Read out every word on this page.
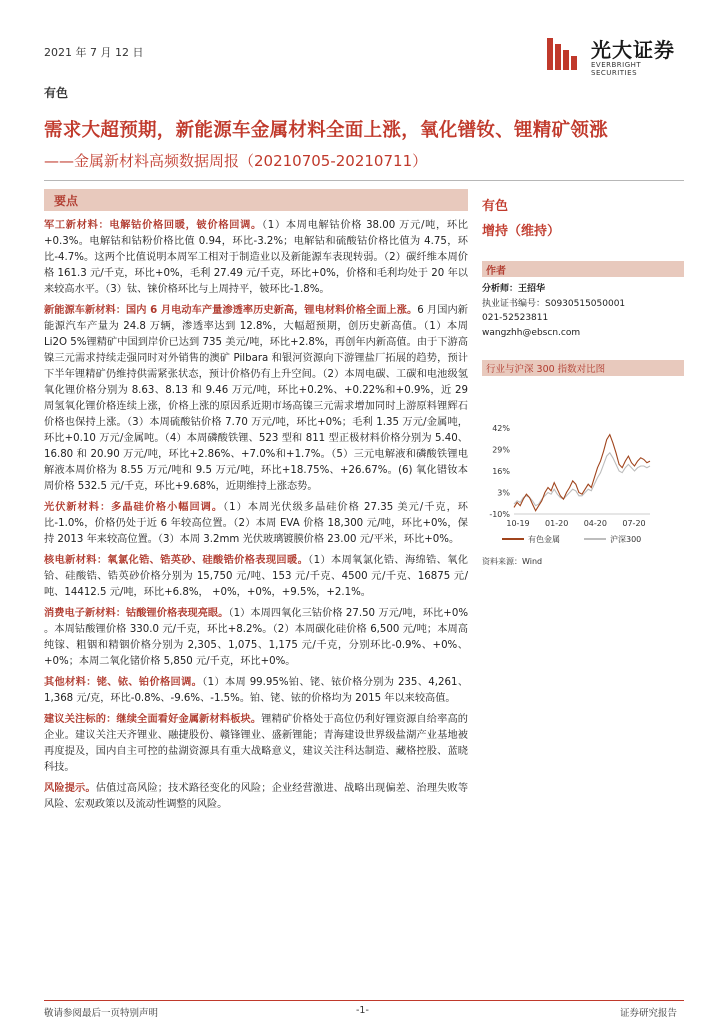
2021 年 7 月 12 日	光大证券
EVERBRIGHT SECURITIES
有色
需求大超预期，新能源车金属材料全面上涨，氧化镨钕、锂精矿领涨
——金属新材料高频数据周报（20210705-20210711）
要点

军工新材料：电解钴价格回暖，铍价格回调。（1）本周电解钴价格 38.00 万元/吨，环比+0.3%。电解钴和钴粉价格比值 0.94，环比-3.2%；电解钴和硫酸钴价格比值为 4.75，环比-4.7%。这两个比值说明本周军工相对于制造业以及新能源车表现转弱。（2）碳纤维本周价格 161.3 元/千克，环比+0%，毛利 27.49 元/千克，环比+0%，价格和毛利均处于 20 年以来较高水平。（3）钛、铼价格环比与上周持平，铍环比-1.8%。

新能源车新材料：国内 6 月电动车产量渗透率历史新高，锂电材料价格全面上涨。6 月国内新能源汽车产量为 24.8 万辆，渗透率达到 12.8%，大幅超预期，创历史新高值。（1）本周 Li2O 5%锂精矿中国到岸价已达到 735 美元/吨，环比+2.8%，再创年内新高值。由于下游高镍三元需求持续走强同时对外销售的澳矿 Pilbara 和银河资源向下游锂盐厂拓展的趋势，预计下半年锂精矿仍维持供需紧张状态，预计价格仍有上升空间。（2）本周电碳、工碳和电池级氢氧化锂价格分别为 8.63、8.13 和 9.46 万元/吨，环比+0.2%、+0.22%和+0.9%，近 29 周氢氧化锂价格连续上涨，价格上涨的原因系近期市场高镍三元需求增加同时上游原料锂辉石价格也保持上涨。（3）本周硫酸钴价格 7.70 万元/吨，环比+0%；毛利 1.35 万元/金属吨，环比+0.10 万元/金属吨。（4）本周磷酸铁锂、523 型和 811 型正极材料价格分别为 5.40、16.80 和 20.90 万元/吨，环比+2.86%、+7.0%和+1.7%。（5）三元电解液和磷酸铁锂电解液本周价格为 8.55 万元/吨和 9.5 万元/吨，环比+18.75%、+26.67%。(6) 氧化镨钕本周价格 532.5 元/千克，环比+9.68%，近期维持上涨态势。

光伏新材料：多晶硅价格小幅回调。（1）本周光伏级多晶硅价格 27.35 美元/千克，环比-1.0%，价格仍处于近 6 年较高位置。（2）本周 EVA 价格 18,300 元/吨，环比+0%，保持 2013 年来较高位置。（3）本周 3.2mm 光伏玻璃镀膜价格 23.00 元/平米，环比+0%。

核电新材料：氧氯化锆、锆英砂、硅酸锆价格表现回暖。（1）本周氧氯化锆、海绵锆、氧化铪、硅酸锆、锆英砂价格分别为 15,750 元/吨、153 元/千克、4500 元/千克、16875 元/吨、14412.5 元/吨，环比+6.8%， +0%，+0%，+9.5%，+2.1%。

消费电子新材料：钴酸锂价格表现亮眼。（1）本周四氧化三钴价格 27.50 万元/吨，环比+0% 。本周钴酸锂价格 330.0 元/千克，环比+8.2%。（2）本周碳化硅价格 6,500 元/吨；本周高纯镓、粗铟和精铟价格分别为 2,305、1,075、1,175 元/千克，分别环比-0.9%、+0%、+0%；本周二氧化锗价格 5,850 元/千克，环比+0%。

其他材料：铑、铱、铂价格回调。（1）本周 99.95%铂、铑、铱价格分别为 235、4,261、1,368 元/克，环比-0.8%、-9.6%、-1.5%。铂、铑、铱的价格均为 2015 年以来较高值。

建议关注标的：继续全面看好金属新材料板块。锂精矿价格处于高位仍利好锂资源自给率高的企业。建议关注天齐锂业、融捷股份、赣锋锂业、盛新锂能；青海建设世界级盐湖产业基地被再度提及，国内自主可控的盐湖资源具有重大战略意义，建议关注科达制造、藏格控股、蓝晓科技。

风险提示。估值过高风险；技术路径变化的风险；企业经营激进、战略出现偏差、治理失败等风险、宏观政策以及流动性调整的风险。

有色
增持（维持）
作者
分析师：王招华
执业证书编号：S0930515050001
021-52523811
wangzhh@ebscn.com
行业与沪深 300 指数对比图
42%
29%
16%
3%
-10%
10-19 01-20 04-20 07-20
有色金属	沪深300
资料来源：Wind
敬请参阅最后一页特别声明	-1-	证券研究报告
